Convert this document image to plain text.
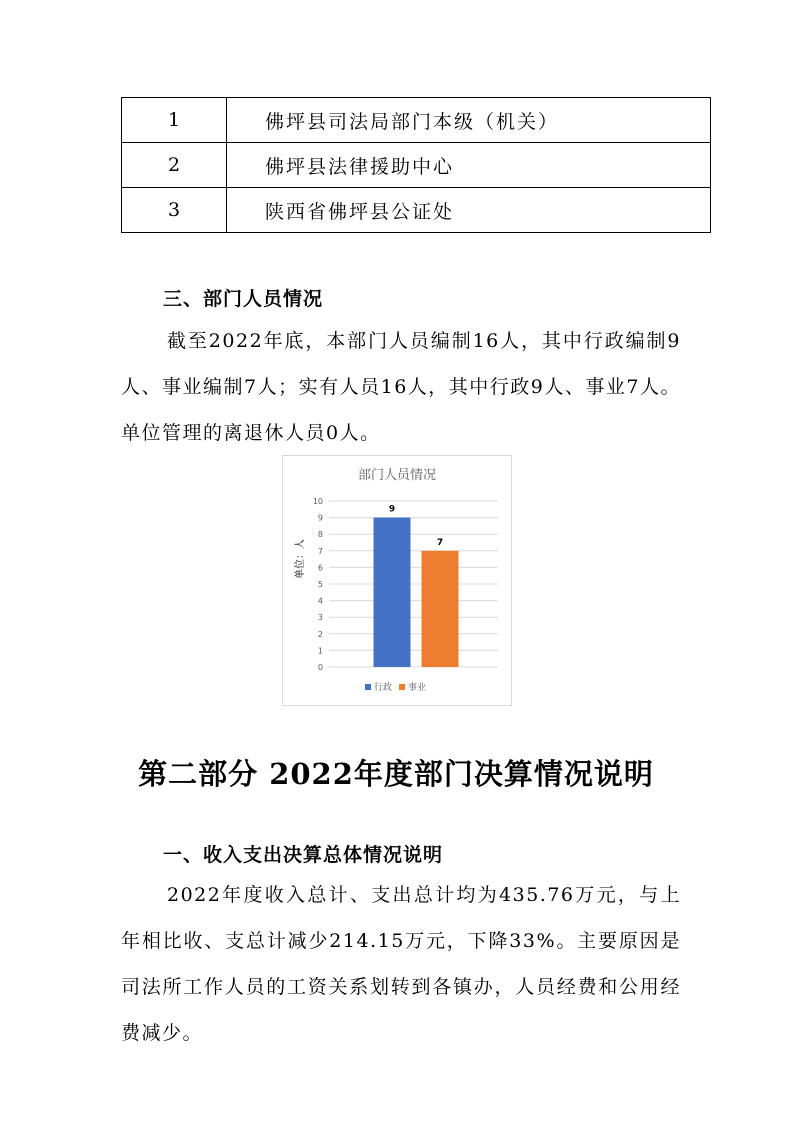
1	佛坪县司法局部门本级（机关）
2	佛坪县法律援助中心
3	陕西省佛坪县公证处
三、部门人员情况

截至2022年底，本部门人员编制16人，其中行政编制9人、事业编制7人；实有人员16人，其中行政9人、事业7人。单位管理的离退休人员0人。

部门人员情况
单位：人
0
1
2
3
4
5
6
7
8
9
10
9
7
行政 事业
第二部分 2022年度部门决算情况说明
一、收入支出决算总体情况说明

2022年度收入总计、支出总计均为435.76万元，与上年相比收、支总计减少214.15万元，下降33%。主要原因是司法所工作人员的工资关系划转到各镇办，人员经费和公用经费减少。
